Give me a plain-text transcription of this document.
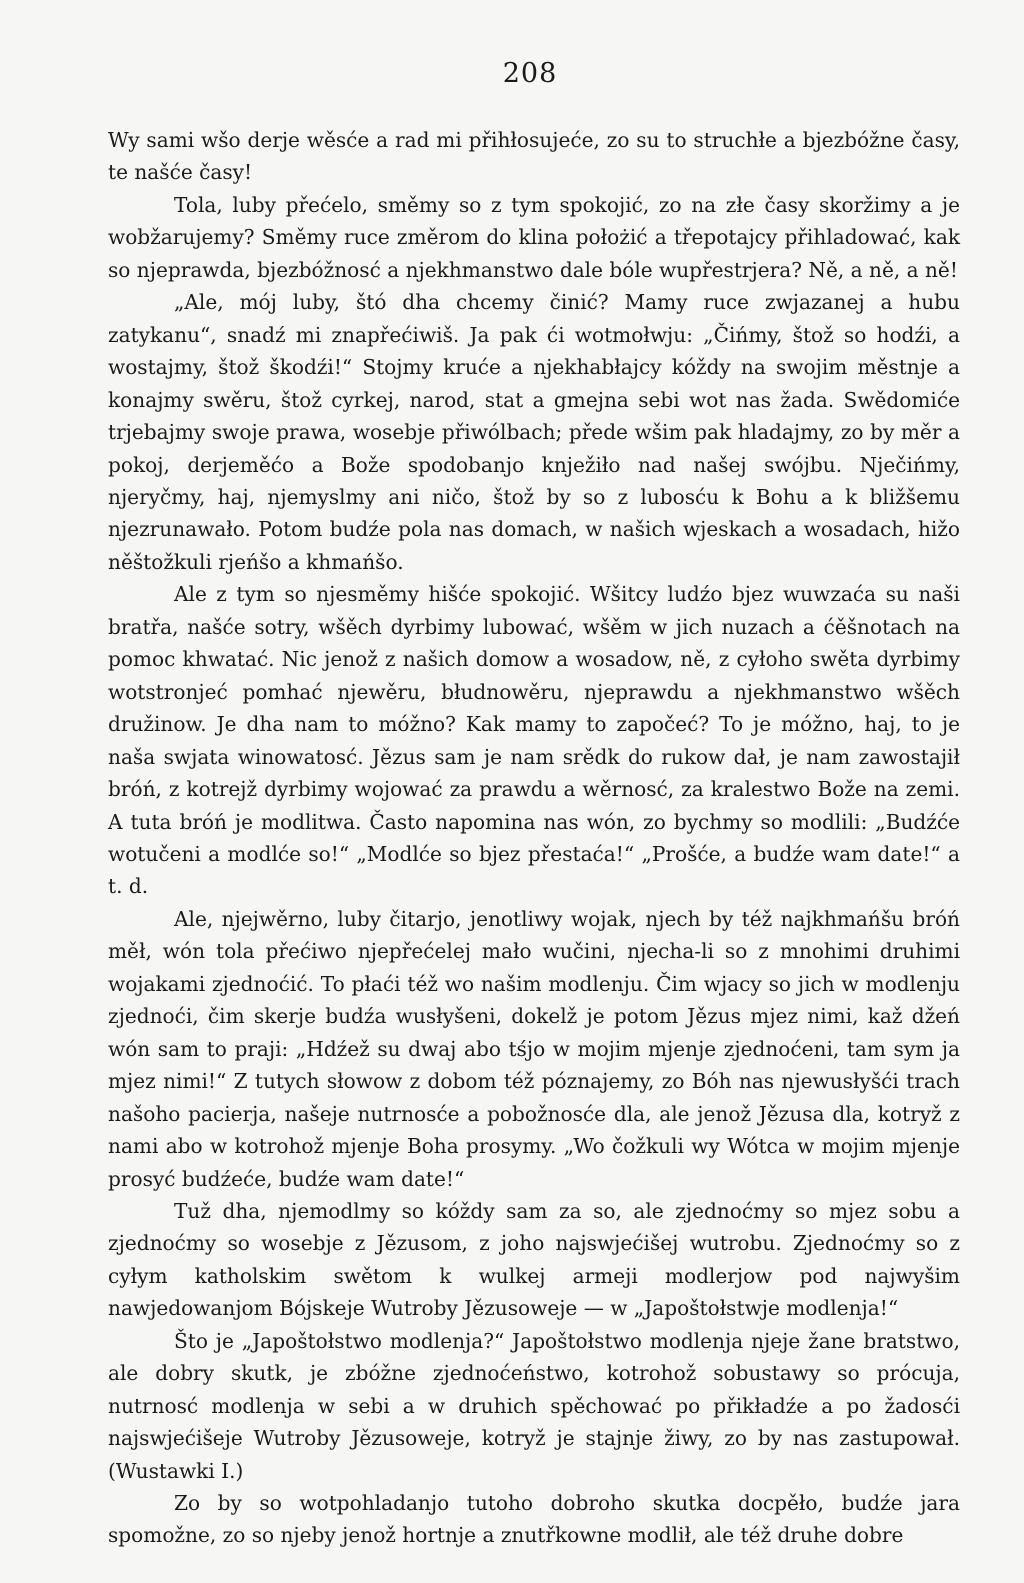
208

Wy sami wšo derje wěsće a rad mi přihłosujeće, zo su to struchłe a bjezbóžne časy, te našće časy!

Tola, luby přećelo, směmy so z tym spokojić, zo na złe časy skoržimy a je wobžarujemy? Směmy ruce změrom do klina położić a třepotajcy přihladować, kak so njeprawda, bjezbóžnosć a njekhmanstwo dale bóle wupřestrjera? Ně, a ně, a ně!

„Ale, mój luby, štó dha chcemy činić? Mamy ruce zwjazanej a hubu zatykanu“, snadź mi znapřećiwiš. Ja pak ći wotmołwju: „Čińmy, štož so hodźi, a wostajmy, štož škodźi!“ Stojmy kruće a njekhabłajcy kóždy na swojim městnje a konajmy swěru, štož cyrkej, narod, stat a gmejna sebi wot nas žada. Swědomiće trjebajmy swoje prawa, wosebje přiwólbach; přede wšim pak hladajmy, zo by měr a pokoj, derjeměćo a Bože spodobanjo knježiło nad našej swójbu. Nječińmy, njeryčmy, haj, njemyslmy ani ničo, štož by so z lubosću k Bohu a k bližšemu njezrunawało. Potom budźe pola nas domach, w našich wjeskach a wosadach, hižo něštožkuli rjeńšo a khmańšo.

Ale z tym so njesměmy hišće spokojić. Wšitcy ludźo bjez wuwzaća su naši bratřa, našće sotry, wšěch dyrbimy lubować, wšěm w jich nuzach a ćěšnotach na pomoc khwatać. Nic jenož z našich domow a wosadow, ně, z cyłoho swěta dyrbimy wotstronjeć pomhać njewěru, błudnowěru, njeprawdu a njekhmanstwo wšěch družinow. Je dha nam to móžno? Kak mamy to započeć? To je móžno, haj, to je naša swjata winowatosć. Jězus sam je nam srědk do rukow dał, je nam zawostajił bróń, z kotrejž dyrbimy wojować za prawdu a wěrnosć, za kralestwo Bože na zemi. A tuta bróń je modlitwa. Často napomina nas wón, zo bychmy so modlili: „Budźće wotučeni a modlće so!“ „Modlće so bjez přestaća!“ „Prošće, a budźe wam date!“ a t. d.

Ale, njejwěrno, luby čitarjo, jenotliwy wojak, njech by též najkhmańšu bróń měł, wón tola přećiwo njepřećelej mało wučini, njecha-li so z mnohimi druhimi wojakami zjednoćić. To płaći též wo našim modlenju. Čim wjacy so jich w modlenju zjednoći, čim skerje budźa wusłyšeni, dokelž je potom Jězus mjez nimi, kaž džeń wón sam to praji: „Hdźež su dwaj abo tśjo w mojim mjenje zjednoćeni, tam sym ja mjez nimi!“ Z tutych słowow z dobom též póznajemy, zo Bóh nas njewusłyšći trach našoho pacierja, našeje nutrnosće a pobožnosće dla, ale jenož Jězusa dla, kotryž z nami abo w kotrohož mjenje Boha prosymy. „Wo čožkuli wy Wótca w mojim mjenje prosyć budźeće, budźe wam date!“

Tuž dha, njemodlmy so kóždy sam za so, ale zjednoćmy so mjez sobu a zjednoćmy so wosebje z Jězusom, z joho najswjećišej wutrobu. Zjednoćmy so z cyłym katholskim swětom k wulkej armeji modlerjow pod najwyšim nawjedowanjom Bójskeje Wutroby Jězusoweje — w „Japoštołstwje modlenja!“

Što je „Japoštołstwo modlenja?“ Japoštołstwo modlenja njeje žane bratstwo, ale dobry skutk, je zbóžne zjednoćeństwo, kotrohož sobustawy so prócuja, nutrnosć modlenja w sebi a w druhich spěchować po přikładźe a po žadosći najswjećišeje Wutroby Jězusoweje, kotryž je stajnje žiwy, zo by nas zastupował. (Wustawki I.)

Zo by so wotpohladanjo tutoho dobroho skutka docpěło, budźe jara spomožne, zo so njeby jenož hortnje a znutřkowne modlił, ale též druhe dobre
